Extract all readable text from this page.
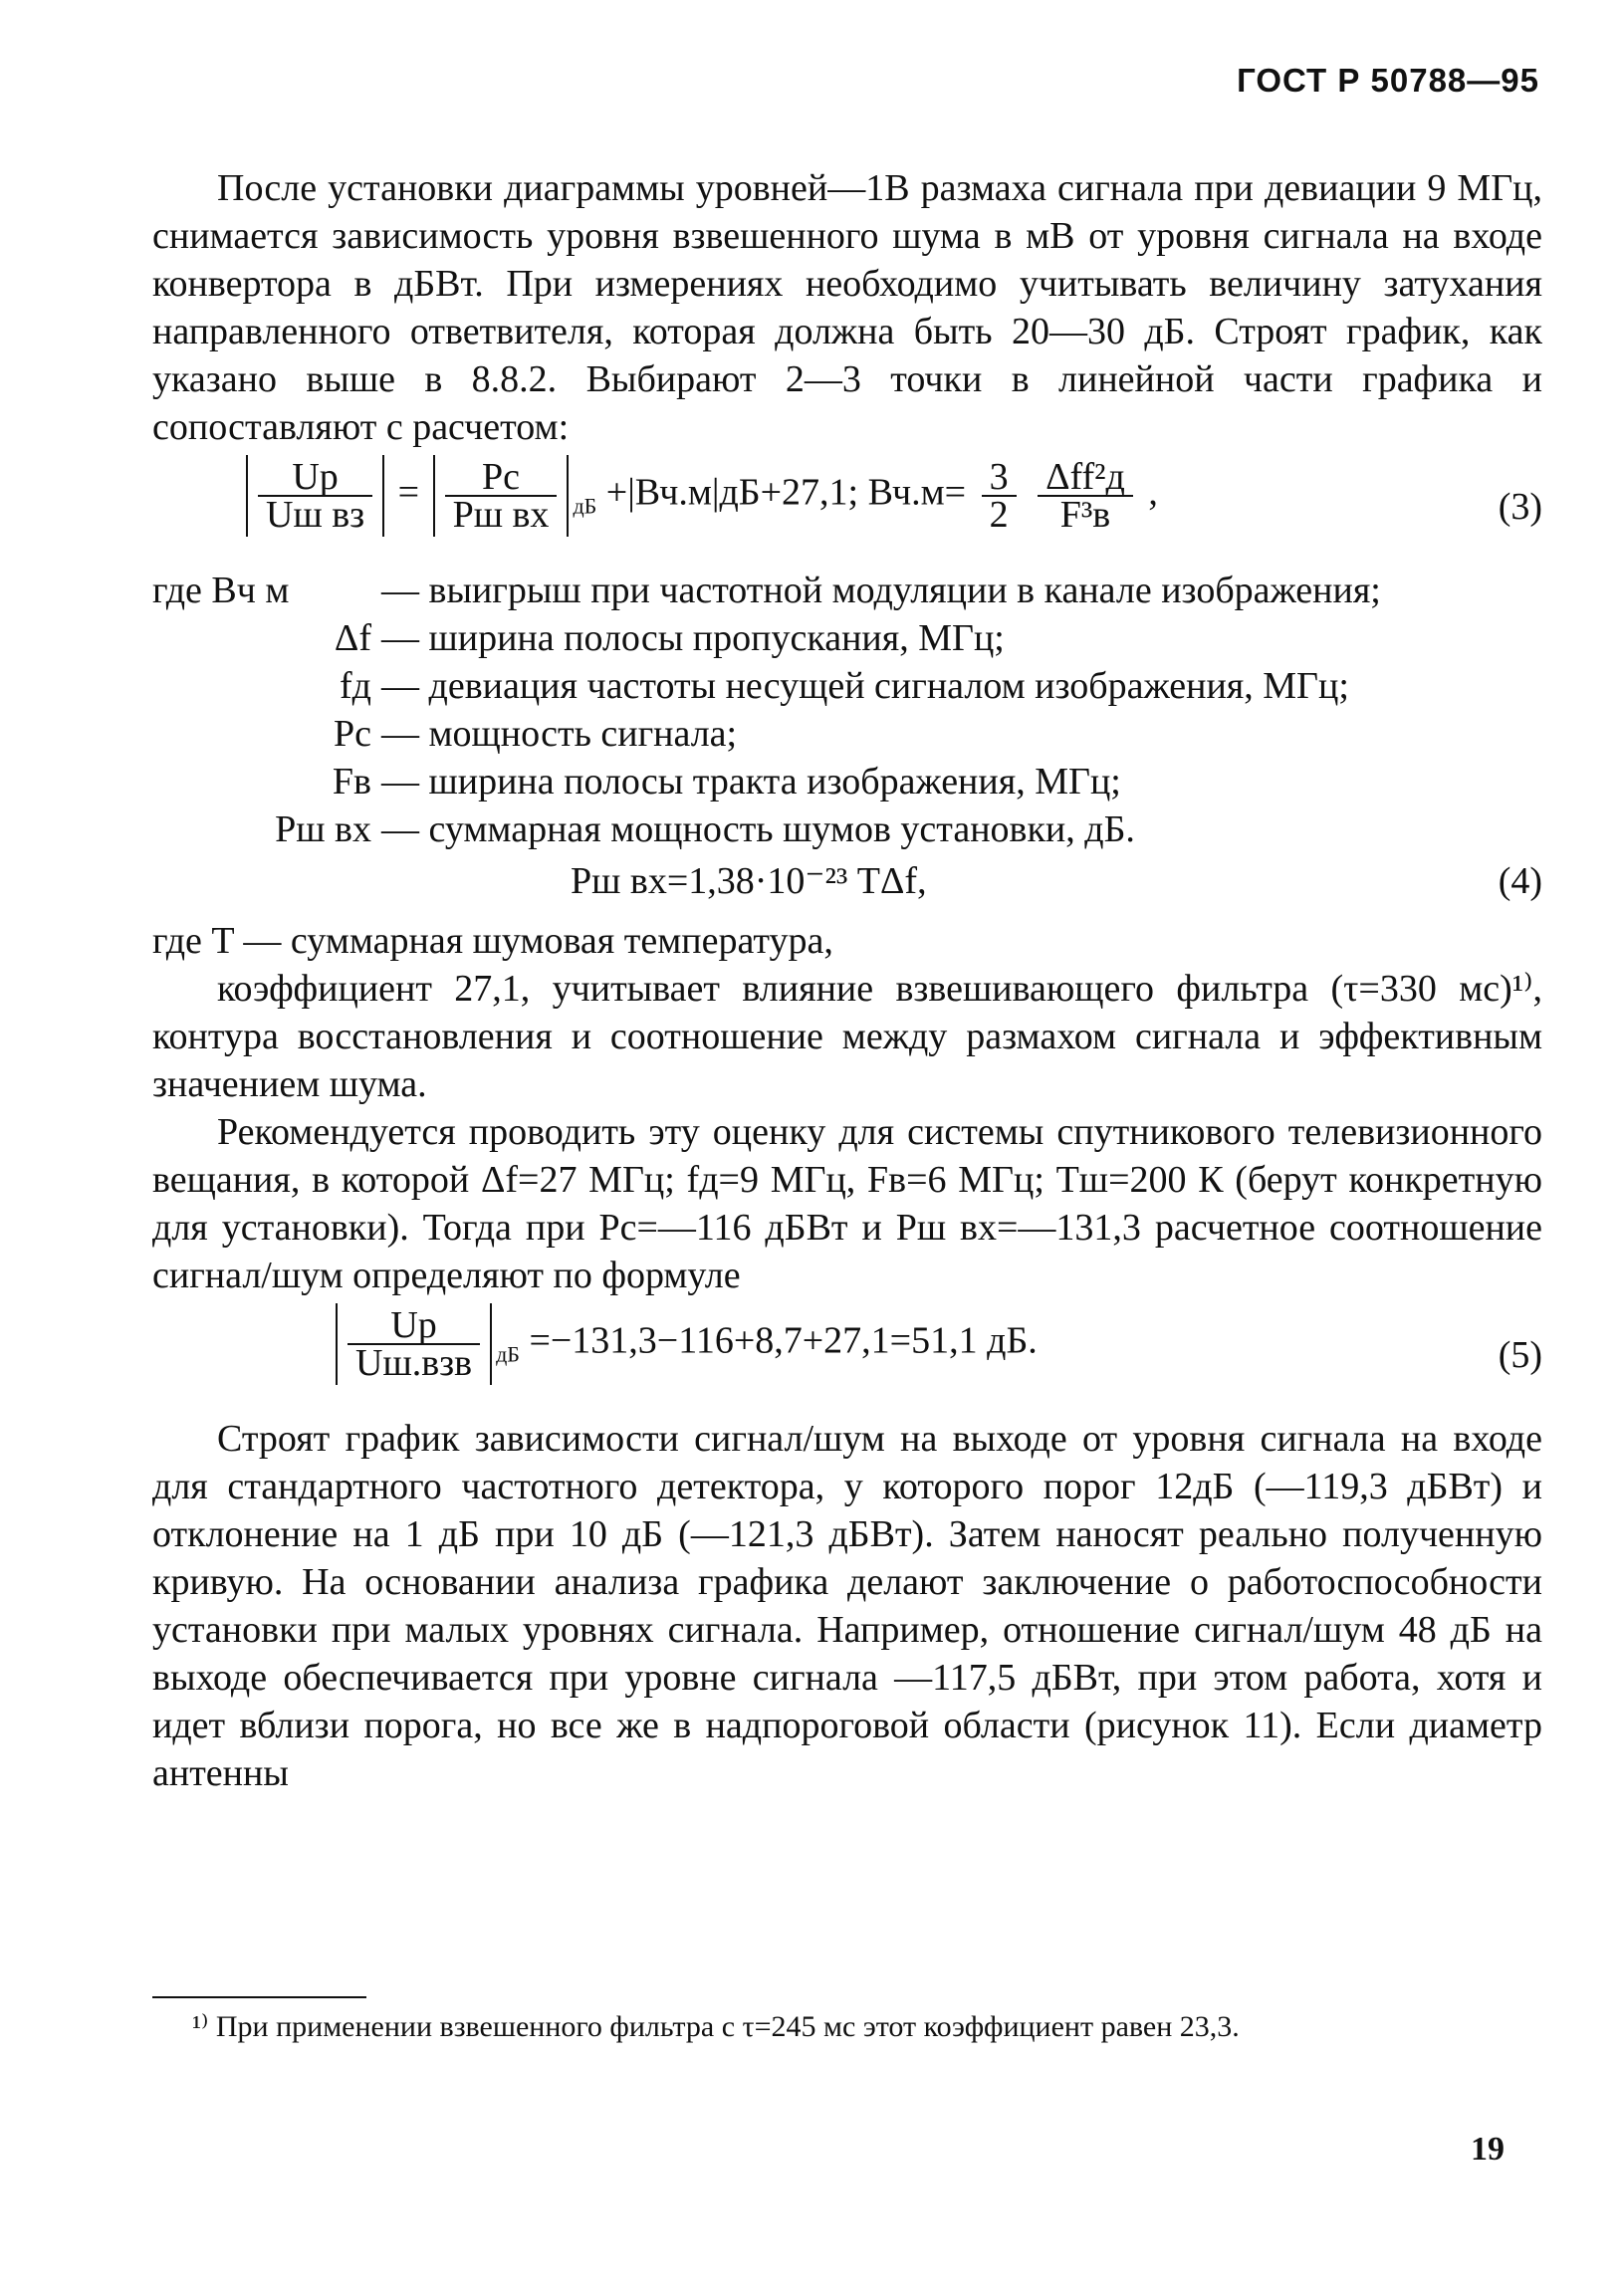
ГОСТ Р 50788—95

После установки диаграммы уровней—1В размаха сигнала при девиации 9 МГц, снимается зависимость уровня взвешенного шума в мВ от уровня сигнала на входе конвертора в дБВт. При измерениях необходимо учитывать величину затухания направленного ответвителя, которая должна быть 20—30 дБ. Строят график, как указано выше в 8.8.2. Выбирают 2—3 точки в линейной части графика и сопоставляют с расчетом:

$\frac{Uр}{\text{Uш вз}} = \frac{Pс}{\text{Pш вх}} _{дБ} +|Вч.м|дБ+27,1$; $Вч.м= \frac{3}{2}$
$\frac{\text{Δff²д}}{\text{F³в}}$ ,	(3)
где Bч м	— выигрыш при частотной модуляции в канале изображения;
Δf — ширина полосы пропускания, МГц;
fд — девиация частоты несущей сигналом изображения, МГц;
Pс — мощность сигнала;
Fв — ширина полосы тракта изображения, МГц;
Pш вх — суммарная мощность шумов установки, дБ.
Pш вх=1,38·10⁻²³ TΔf,	(4)

где T — суммарная шумовая температура,

коэффициент 27,1, учитывает влияние взвешивающего фильтра (τ=330 мс)¹⁾, контура восстановления и соотношение между размахом сигнала и эффективным значением шума.

Рекомендуется проводить эту оценку для системы спутникового телевизионного вещания, в которой Δf=27 МГц; fд=9 МГц, Fв=6 МГц; Tш=200 К (берут конкретную для установки). Тогда при Pс=—116 дБВт и Pш вх=—131,3 расчетное соотношение сигнал/шум определяют по формуле

$\frac{Uр}{\text{Uш.взв}} _{дБ} =-131,3-116+8,7+27,1=51,1$ дБ.	(5)

Строят график зависимости сигнал/шум на выходе от уровня сигнала на входе для стандартного частотного детектора, у которого порог 12дБ (—119,3 дБВт) и отклонение на 1 дБ при 10 дБ (—121,3 дБВт). Затем наносят реально полученную кривую. На основании анализа графика делают заключение о работоспособности установки при малых уровнях сигнала. Например, отношение сигнал/шум 48 дБ на выходе обеспечивается при уровне сигнала —117,5 дБВт, при этом работа, хотя и идет вблизи порога, но все же в надпороговой области (рисунок 11). Если диаметр антенны

¹⁾ При применении взвешенного фильтра с τ=245 мс этот коэффициент равен 23,3.
19
